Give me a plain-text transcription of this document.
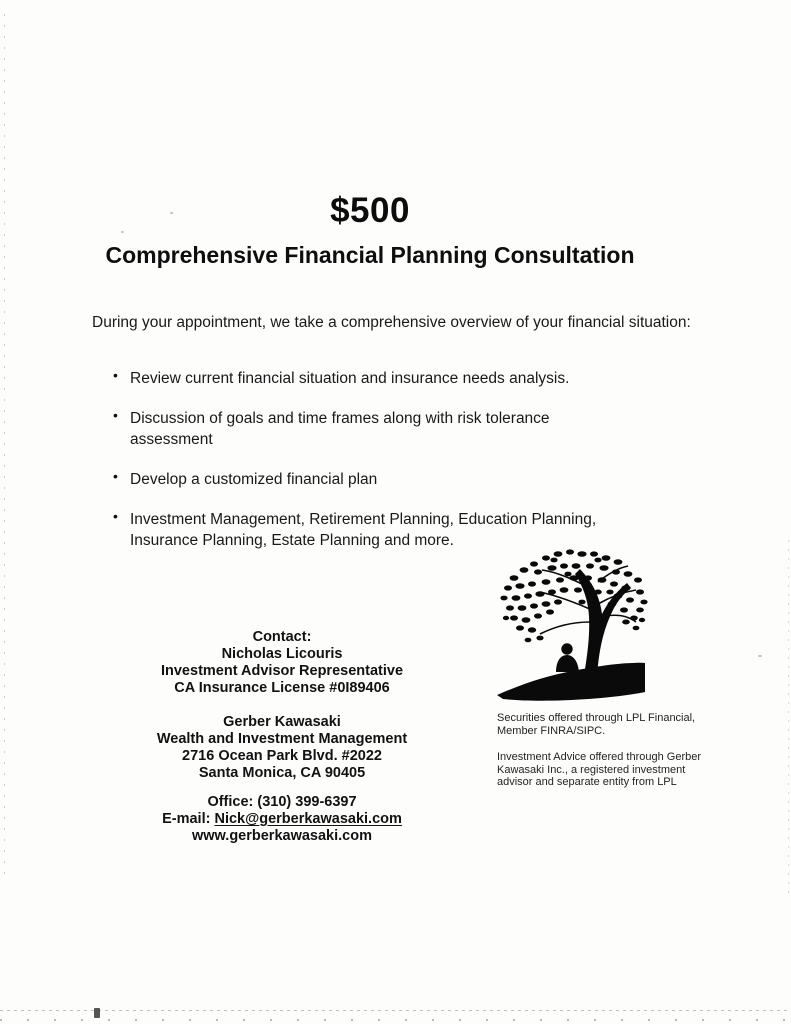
$500
Comprehensive Financial Planning Consultation

During your appointment, we take a comprehensive overview of your financial situation:

• Review current financial situation and insurance needs analysis.
• Discussion of goals and time frames along with risk tolerance assessment
• Develop a customized financial plan
• Investment Management, Retirement Planning, Education Planning, Insurance Planning, Estate Planning and more.
Contact:
Nicholas Licouris
Investment Advisor Representative
CA Insurance License #0I89406
Gerber Kawasaki
Wealth and Investment Management
2716 Ocean Park Blvd. #2022
Santa Monica, CA 90405
Office: (310) 399-6397
E-mail: Nick@gerberkawasaki.com
www.gerberkawasaki.com

Securities offered through LPL Financial, Member FINRA/SIPC.

Investment Advice offered through Gerber Kawasaki Inc., a registered investment advisor and separate entity from LPL
